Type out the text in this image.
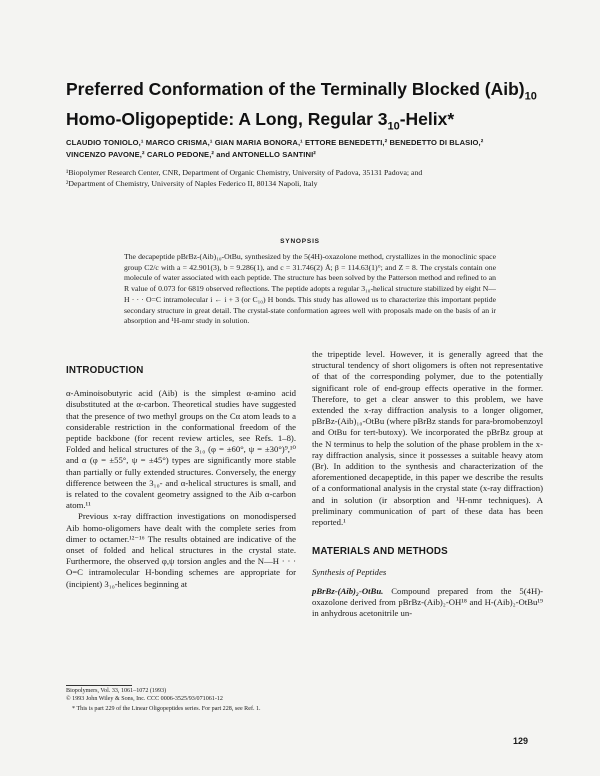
Preferred Conformation of the Terminally Blocked $(Aib)_{10}$
Homo-Oligopeptide: A Long, Regular $3_{10}-Helix*$
CLAUDIO TONIOLO,¹ MARCO CRISMA,¹ GIAN MARIA BONORA,¹ ETTORE BENEDETTI,² BENEDETTO DI BLASIO,²
VINCENZO PAVONE,² CARLO PEDONE,² and ANTONELLO SANTINI²
¹Biopolymer Research Center, CNR, Department of Organic Chemistry, University of Padova, 35131 Padova; and
²Department of Chemistry, University of Naples Federico II, 80134 Napoli, Italy
SYNOPSIS
The decapeptide pBrBz-(Aib)₁₀-OtBu, synthesized by the 5(4H)-oxazolone method, crystallizes in the monoclinic space group C2/c with a = 42.901(3), b = 9.286(1), and c = 31.746(2) Å; β = 114.63(1)°; and Z = 8. The crystals contain one molecule of water associated with each peptide. The structure has been solved by the Patterson method and refined to an R value of 0.073 for 6819 observed reflections. The peptide adopts a regular 3₁₀-helical structure stabilized by eight N—H · · · O=C intramolecular i ← i + 3 (or C₁₀) H bonds. This study has allowed us to characterize this important peptide secondary structure in great detail. The crystal-state conformation agrees well with proposals made on the basis of an ir absorption and ¹H-nmr study in solution.
INTRODUCTION

α-Aminoisobutyric acid (Aib) is the simplest α-amino acid disubstituted at the α-carbon. Theoretical studies have suggested that the presence of two methyl groups on the Cα atom leads to a considerable restriction in the conformational freedom of the peptide backbone (for recent review articles, see Refs. 1–8). Folded and helical structures of the 3₁₀ (φ = ±60°, ψ = ±30°)⁹,¹⁰ and α (φ = ±55°, ψ = ±45°) types are significantly more stable than partially or fully extended structures. Conversely, the energy difference between the 3₁₀- and α-helical structures is small, and is related to the covalent geometry assigned to the Aib α-carbon atom.¹¹

Previous x-ray diffraction investigations on monodispersed Aib homo-oligomers have dealt with the complete series from dimer to octamer.¹²⁻¹⁶ The results obtained are indicative of the onset of folded and helical structures in the crystal state. Furthermore, the observed φ,ψ torsion angles and the N—H · · · O=C intramolecular H-bonding schemes are appropriate for (incipient) 3₁₀-helices beginning at

the tripeptide level. However, it is generally agreed that the structural tendency of short oligomers is often not representative of that of the corresponding polymer, due to the potentially significant role of end-group effects operative in the former. Therefore, to get a clear answer to this problem, we have extended the x-ray diffraction analysis to a longer oligomer, pBrBz-(Aib)₁₀-OtBu (where pBrBz stands for para-bromobenzoyl and OtBu for tert-butoxy). We incorporated the pBrBz group at the N terminus to help the solution of the phase problem in the x-ray diffraction analysis, since it possesses a suitable heavy atom (Br). In addition to the synthesis and characterization of the aforementioned decapeptide, in this paper we describe the results of a conformational analysis in the crystal state (x-ray diffraction) and in solution (ir absorption and ¹H-nmr techniques). A preliminary communication of part of these data has been reported.¹

MATERIALS AND METHODS
Synthesis of Peptides

pBrBz-(Aib)₂-OtBu. Compound prepared from the 5(4H)-oxazolone derived from pBrBz-(Aib)₂-OH¹⁸ and H-(Aib)₂-OtBu¹⁹ in anhydrous acetonitrile un-

Biopolymers, Vol. 33, 1061–1072 (1993)
© 1993 John Wiley & Sons, Inc. CCC 0006-3525/93/071061-12
* This is part 229 of the Linear Oligopeptides series. For part 228, see Ref. 1.
129
